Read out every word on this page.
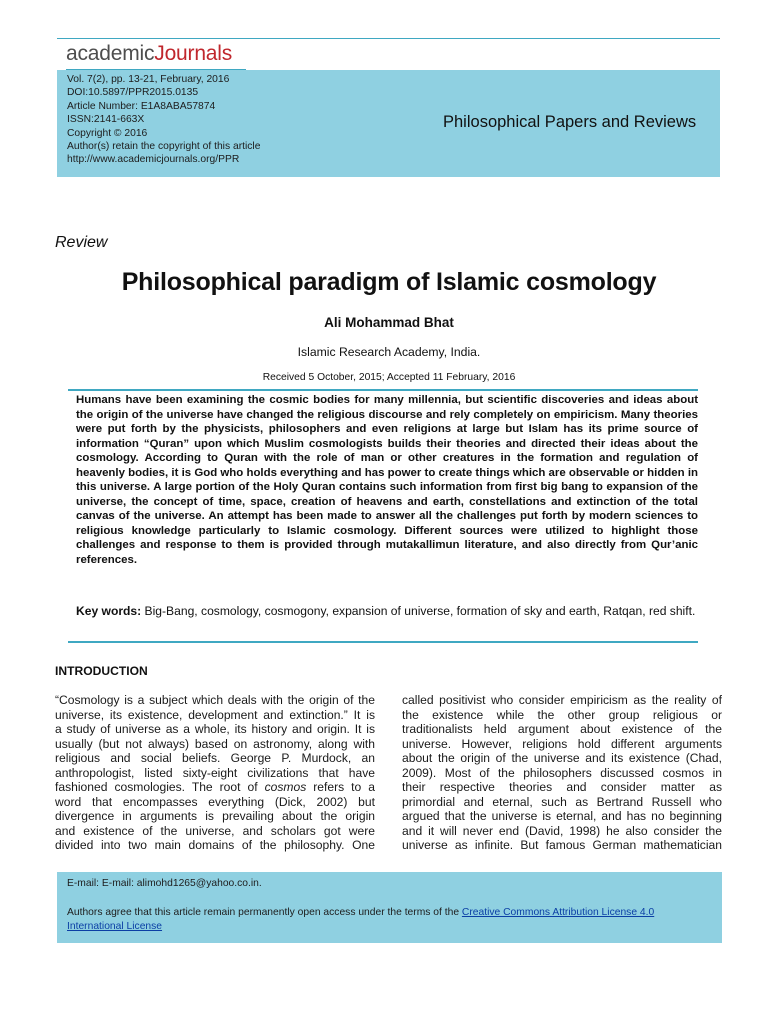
academicJournals
Vol. 7(2), pp. 13-21, February, 2016
DOI:10.5897/PPR2015.0135
Article Number: E1A8ABA57874
ISSN:2141-663X
Copyright © 2016
Author(s) retain the copyright of this article
http://www.academicjournals.org/PPR
Philosophical Papers and Reviews
Review
Philosophical paradigm of Islamic cosmology
Ali Mohammad Bhat
Islamic Research Academy, India.
Received 5 October, 2015; Accepted 11 February, 2016
Humans have been examining the cosmic bodies for many millennia, but scientific discoveries and ideas about the origin of the universe have changed the religious discourse and rely completely on empiricism. Many theories were put forth by the physicists, philosophers and even religions at large but Islam has its prime source of information “Quran” upon which Muslim cosmologists builds their theories and directed their ideas about the cosmology. According to Quran with the role of man or other creatures in the formation and regulation of heavenly bodies, it is God who holds everything and has power to create things which are observable or hidden in this universe. A large portion of the Holy Quran contains such information from first big bang to expansion of the universe, the concept of time, space, creation of heavens and earth, constellations and extinction of the total canvas of the universe. An attempt has been made to answer all the challenges put forth by modern sciences to religious knowledge particularly to Islamic cosmology. Different sources were utilized to highlight those challenges and response to them is provided through mutakallimun literature, and also directly from Qur’anic references.
Key words: Big-Bang, cosmology, cosmogony, expansion of universe, formation of sky and earth, Ratqan, red shift.
INTRODUCTION
“Cosmology is a subject which deals with the origin of the
universe, its existence, development and extinction.” It is
a study of universe as a whole, its history and origin. It is
usually (but not always) based on astronomy, along with
religious and social beliefs. George P. Murdock, an
anthropologist, listed sixty-eight civilizations that have
fashioned cosmologies. The root of cosmos refers to a
word that encompasses everything (Dick, 2002) but
divergence in arguments is prevailing about the origin
and existence of the universe, and scholars got were
divided into two main domains of the philosophy. One
called positivist who consider empiricism as the reality of
the existence while the other group religious or
traditionalists held argument about existence of the
universe. However, religions hold different arguments
about the origin of the universe and its existence (Chad,
2009). Most of the philosophers discussed cosmos in
their respective theories and consider matter as
primordial and eternal, such as Bertrand Russell who
argued that the universe is eternal, and has no beginning
and it will never end (David, 1998) he also consider the
universe as infinite. But famous German mathematician
E-mail: E-mail: alimohd1265@yahoo.co.in.
Authors agree that this article remain permanently open access under the terms of the Creative Commons Attribution License 4.0 International License
